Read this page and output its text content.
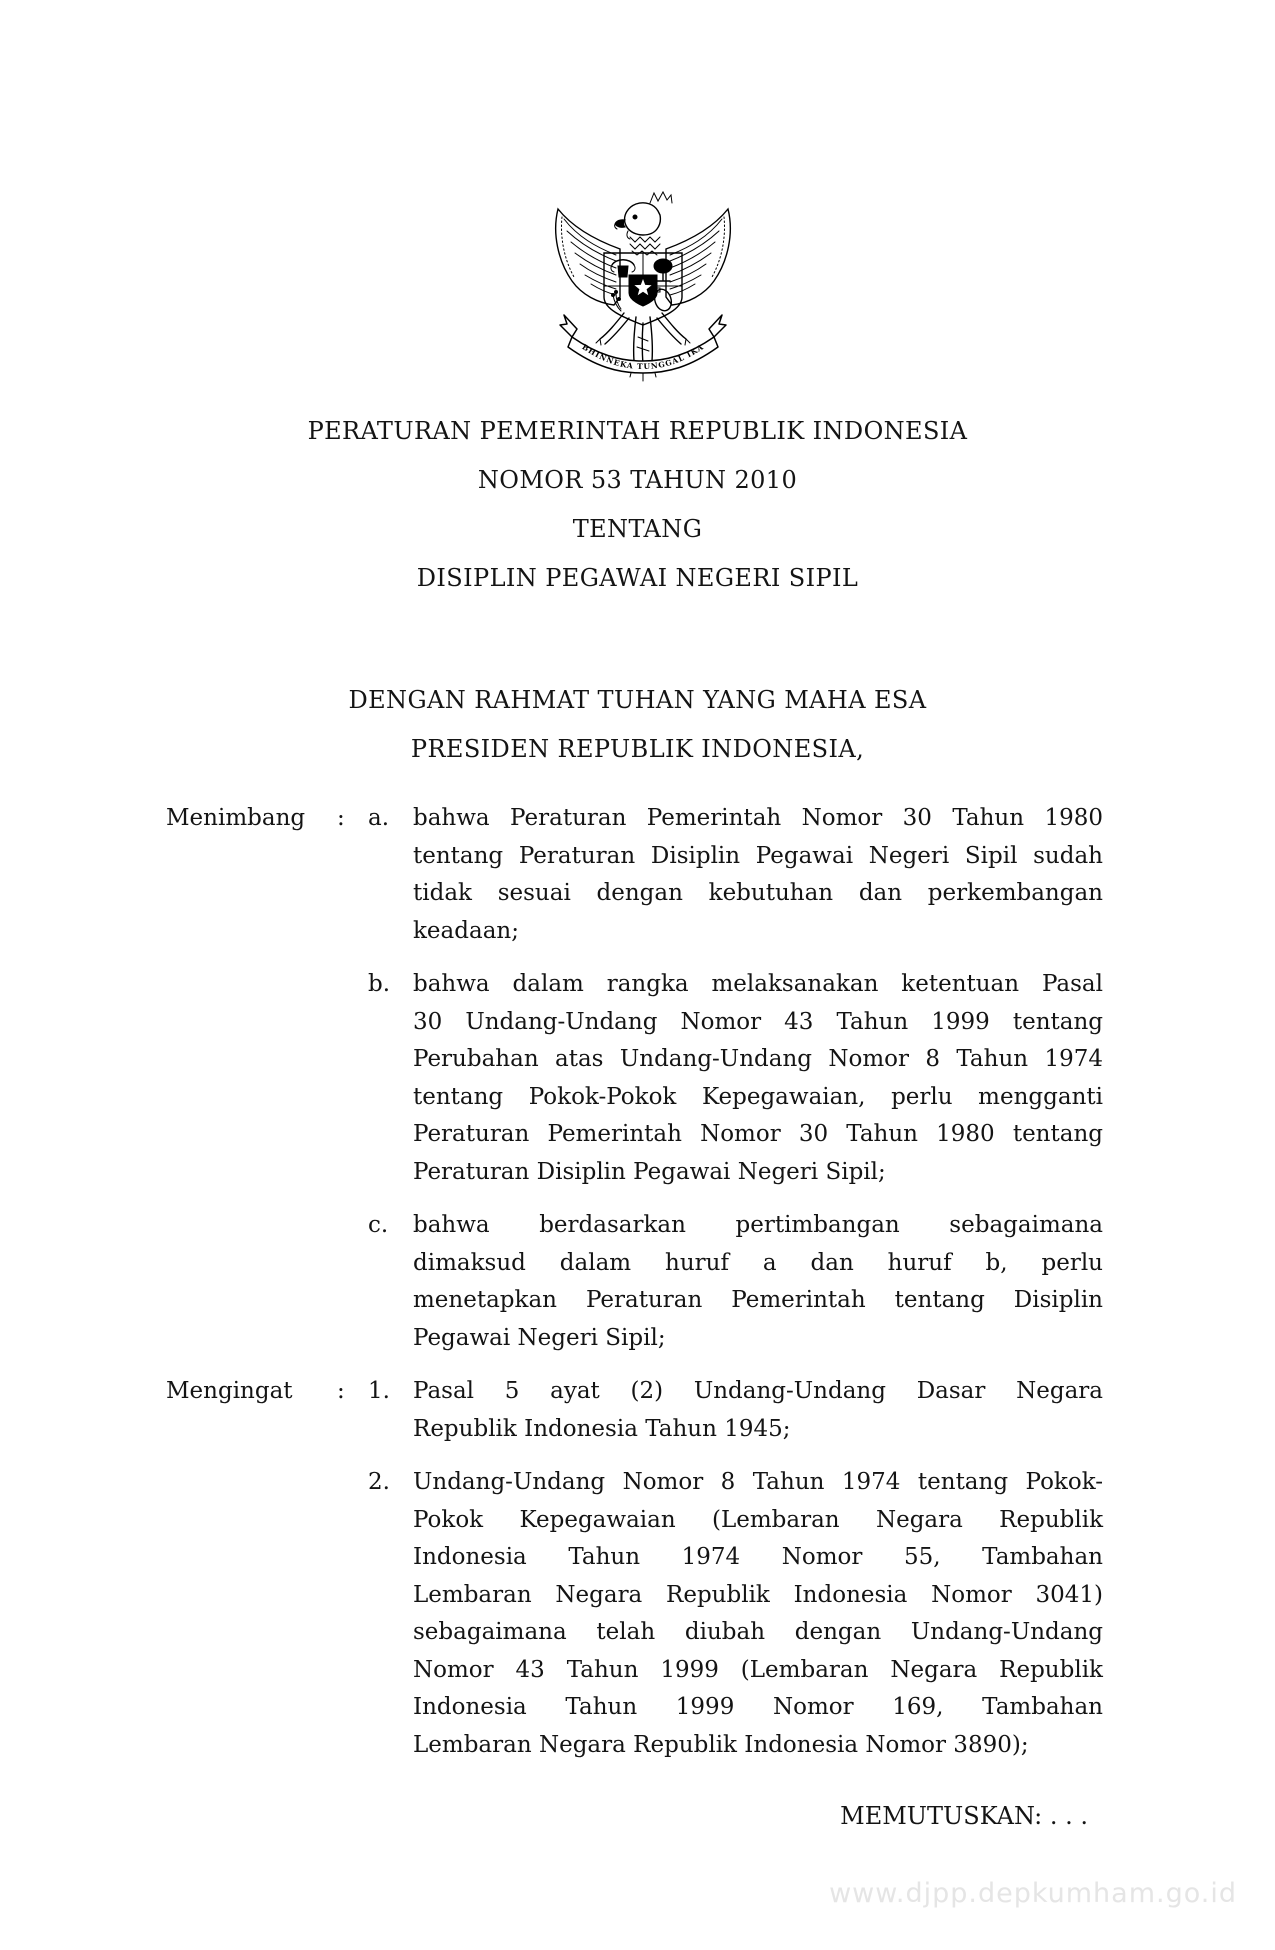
BHINNEKA TUNGGAL IKA
PERATURAN PEMERINTAH REPUBLIK INDONESIA
NOMOR 53 TAHUN 2010
TENTANG
DISIPLIN PEGAWAI NEGERI SIPIL
DENGAN RAHMAT TUHAN YANG MAHA ESA
PRESIDEN REPUBLIK INDONESIA,
Menimbang	:	a.	bahwa Peraturan Pemerintah Nomor 30 Tahun 1980
tentang Peraturan Disiplin Pegawai Negeri Sipil sudah
tidak sesuai dengan kebutuhan dan perkembangan
keadaan;
b. bahwa dalam rangka melaksanakan ketentuan Pasal
30 Undang-Undang Nomor 43 Tahun 1999 tentang
Perubahan atas Undang-Undang Nomor 8 Tahun 1974
tentang Pokok-Pokok Kepegawaian, perlu mengganti
Peraturan Pemerintah Nomor 30 Tahun 1980 tentang
Peraturan Disiplin Pegawai Negeri Sipil;
c.	bahwa berdasarkan pertimbangan sebagaimana
dimaksud dalam huruf a dan huruf b, perlu
menetapkan Peraturan Pemerintah tentang Disiplin
Pegawai Negeri Sipil;
Mengingat	:	1.	Pasal 5 ayat (2) Undang-Undang Dasar Negara
Republik Indonesia Tahun 1945;
2.	Undang-Undang Nomor 8 Tahun 1974 tentang Pokok-
Pokok Kepegawaian (Lembaran Negara Republik
Indonesia Tahun 1974 Nomor 55, Tambahan
Lembaran Negara Republik Indonesia Nomor 3041)
sebagaimana telah diubah dengan Undang-Undang
Nomor 43 Tahun 1999 (Lembaran Negara Republik
Indonesia Tahun 1999 Nomor 169, Tambahan
Lembaran Negara Republik Indonesia Nomor 3890);
MEMUTUSKAN: . . .
www.djpp.depkumham.go.id
